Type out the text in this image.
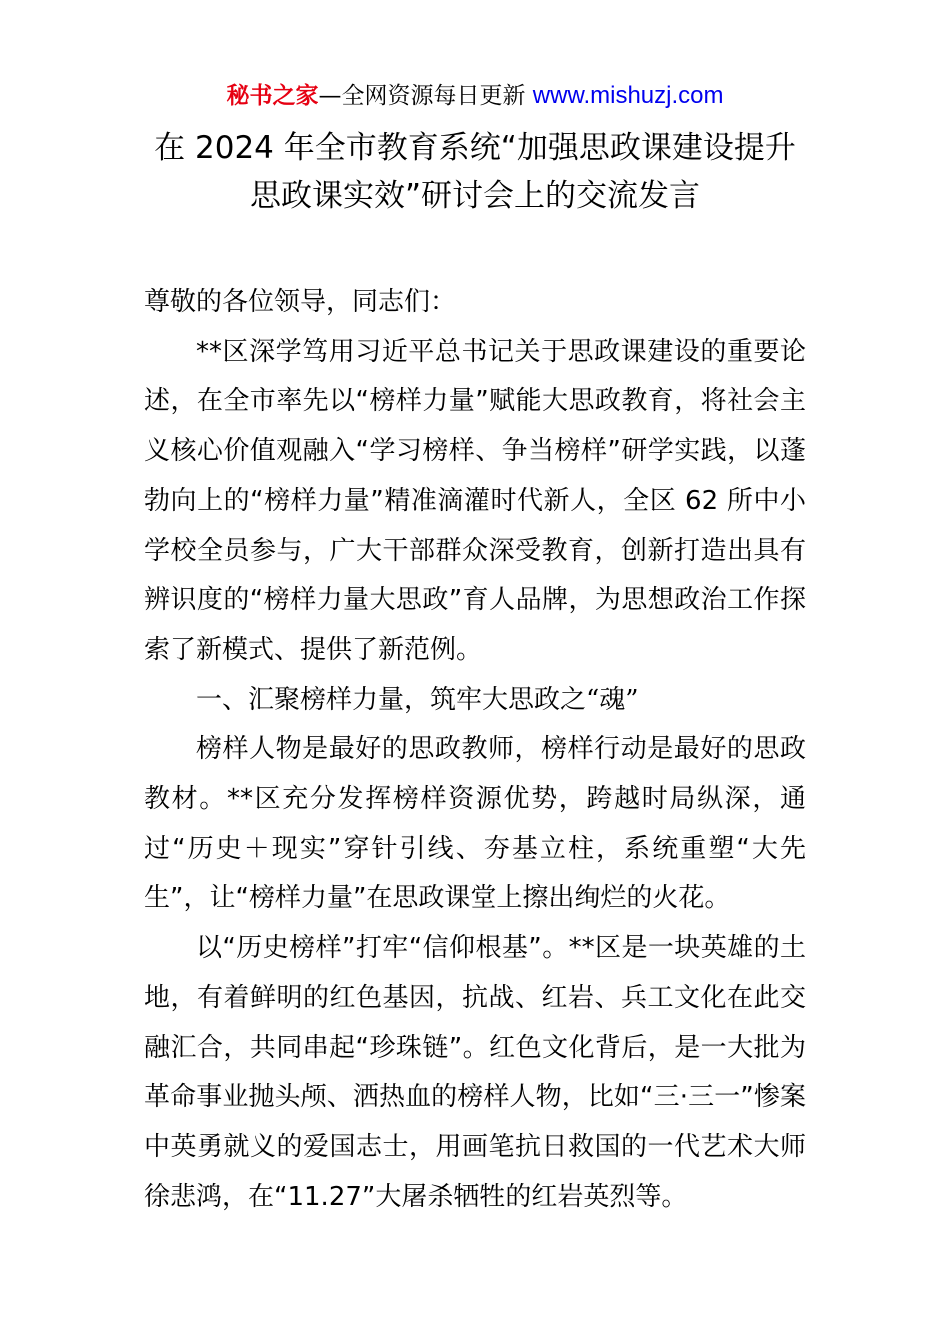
秘书之家—全网资源每日更新 www.mishuzj.com
在 2024 年全市教育系统“加强思政课建设提升
思政课实效”研讨会上的交流发言

尊敬的各位领导，同志们：

**区深学笃用习近平总书记关于思政课建设的重要论述，在全市率先以“榜样力量”赋能大思政教育，将社会主义核心价值观融入“学习榜样、争当榜样”研学实践，以蓬勃向上的“榜样力量”精准滴灌时代新人，全区 62 所中小学校全员参与，广大干部群众深受教育，创新打造出具有辨识度的“榜样力量大思政”育人品牌，为思想政治工作探索了新模式、提供了新范例。

一、汇聚榜样力量，筑牢大思政之“魂”

榜样人物是最好的思政教师，榜样行动是最好的思政教材。**区充分发挥榜样资源优势，跨越时局纵深，通过“历史＋现实”穿针引线、夯基立柱，系统重塑“大先生”，让“榜样力量”在思政课堂上擦出绚烂的火花。

以“历史榜样”打牢“信仰根基”。**区是一块英雄的土地，有着鲜明的红色基因，抗战、红岩、兵工文化在此交融汇合，共同串起“珍珠链”。红色文化背后，是一大批为革命事业抛头颅、洒热血的榜样人物，比如“三·三一”惨案中英勇就义的爱国志士，用画笔抗日救国的一代艺术大师徐悲鸿，在“11.27”大屠杀牺牲的红岩英烈等。
